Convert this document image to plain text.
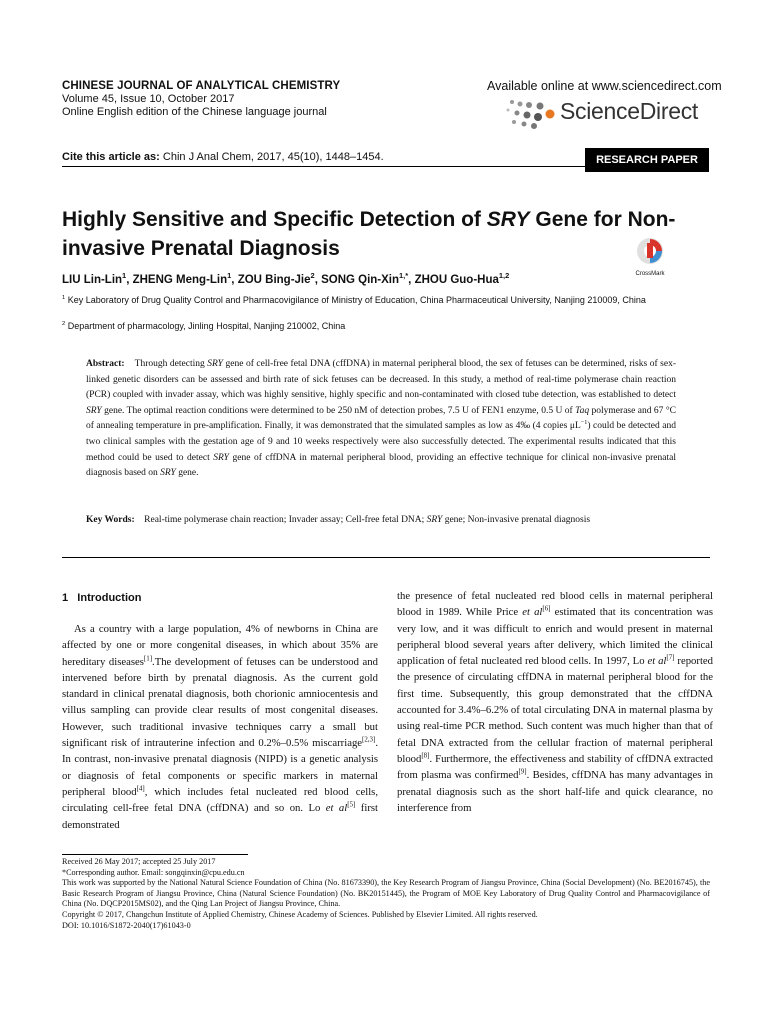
CHINESE JOURNAL OF ANALYTICAL CHEMISTRY
Volume 45, Issue 10, October 2017
Online English edition of the Chinese language journal
Available online at www.sciencedirect.com
ScienceDirect
Cite this article as: Chin J Anal Chem, 2017, 45(10), 1448–1454.	RESEARCH PAPER
Highly Sensitive and Specific Detection of SRY Gene for Non-invasive Prenatal Diagnosis
CrossMark
LIU Lin-Lin$^1$, ZHENG Meng-Lin$^1$, ZOU Bing-Jie$^2$, SONG Qin-Xin$^{1,*}$, ZHOU Guo-Hua$^{1,2}$
$^1$ Key Laboratory of Drug Quality Control and Pharmacovigilance of Ministry of Education, China Pharmaceutical University, Nanjing 210009, China
$^2$ Department of pharmacology, Jinling Hospital, Nanjing 210002, China
Abstract: Through detecting SRY gene of cell-free fetal DNA (cffDNA) in maternal peripheral blood, the sex of fetuses can be determined, risks of sex-linked genetic disorders can be assessed and birth rate of sick fetuses can be decreased. In this study, a method of real-time polymerase chain reaction (PCR) coupled with invader assay, which was highly sensitive, highly specific and non-contaminated with closed tube detection, was established to detect SRY gene. The optimal reaction conditions were determined to be 250 nM of detection probes, 7.5 U of FEN1 enzyme, 0.5 U of Taq polymerase and 67 °C of annealing temperature in pre-amplification. Finally, it was demonstrated that the simulated samples as low as 4‰ (4 copies $\mu L^{-1}$) could be detected and two clinical samples with the gestation age of 9 and 10 weeks respectively were also successfully detected. The experimental results indicated that this method could be used to detect SRY gene of cffDNA in maternal peripheral blood, providing an effective technique for clinical non-invasive prenatal diagnosis based on SRY gene.
Key Words: Real-time polymerase chain reaction; Invader assay; Cell-free fetal DNA; SRY gene; Non-invasive prenatal diagnosis
1 Introduction

As a country with a large population, 4% of newborns in China are affected by one or more congenital diseases, in which about 35% are hereditary diseases[1].The development of fetuses can be understood and intervened before birth by prenatal diagnosis. As the current gold standard in clinical prenatal diagnosis, both chorionic amniocentesis and villus sampling can provide clear results of most congenital diseases. However, such traditional invasive techniques carry a small but significant risk of intrauterine infection and 0.2%–0.5% miscarriage[2,3]. In contrast, non-invasive prenatal diagnosis (NIPD) is a genetic analysis or diagnosis of fetal components or specific markers in maternal peripheral blood[4], which includes fetal nucleated red blood cells, circulating cell-free fetal DNA (cffDNA) and so on. Lo et al[5] first demonstrated

the presence of fetal nucleated red blood cells in maternal peripheral blood in 1989. While Price et al[6] estimated that its concentration was very low, and it was difficult to enrich and would present in maternal peripheral blood several years after delivery, which limited the clinical application of fetal nucleated red blood cells. In 1997, Lo et al[7] reported the presence of circulating cffDNA in maternal peripheral blood for the first time. Subsequently, this group demonstrated that the cffDNA accounted for 3.4%–6.2% of total circulating DNA in maternal plasma by using real-time PCR method. Such content was much higher than that of fetal DNA extracted from the cellular fraction of maternal peripheral blood[8]. Furthermore, the effectiveness and stability of cffDNA extracted from plasma was confirmed[9]. Besides, cffDNA has many advantages in prenatal diagnosis such as the short half-life and quick clearance, no interference from

Received 26 May 2017; accepted 25 July 2017

*Corresponding author. Email: songqinxin@cpu.edu.cn

This work was supported by the National Natural Science Foundation of China (No. 81673390), the Key Research Program of Jiangsu Province, China (Social Development) (No. BE2016745), the Basic Research Program of Jiangsu Province, China (Natural Science Foundation) (No. BK20151445), the Program of MOE Key Laboratory of Drug Quality Control and Pharmacovigilance of China (No. DQCP2015MS02), and the Qing Lan Project of Jiangsu Province, China.

Copyright © 2017, Changchun Institute of Applied Chemistry, Chinese Academy of Sciences. Published by Elsevier Limited. All rights reserved.

DOI: 10.1016/S1872-2040(17)61043-0
